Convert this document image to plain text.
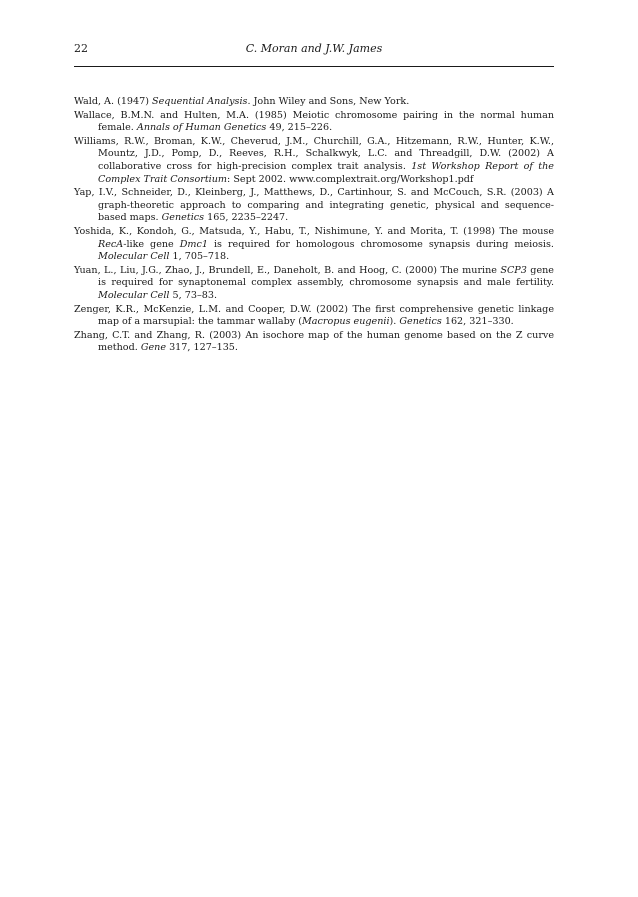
22	C. Moran and J.W. James
Wald, A. (1947) Sequential Analysis. John Wiley and Sons, New York.
Wallace, B.M.N. and Hulten, M.A. (1985) Meiotic chromosome pairing in the normal human female. Annals of Human Genetics 49, 215–226.
Williams, R.W., Broman, K.W., Cheverud, J.M., Churchill, G.A., Hitzemann, R.W., Hunter, K.W., Mountz, J.D., Pomp, D., Reeves, R.H., Schalkwyk, L.C. and Threadgill, D.W. (2002) A collaborative cross for high-precision complex trait analysis. 1st Workshop Report of the Complex Trait Consortium: Sept 2002. www.complextrait.org/Workshop1.pdf
Yap, I.V., Schneider, D., Kleinberg, J., Matthews, D., Cartinhour, S. and McCouch, S.R. (2003) A graph-theoretic approach to comparing and integrating genetic, physical and sequence-based maps. Genetics 165, 2235–2247.
Yoshida, K., Kondoh, G., Matsuda, Y., Habu, T., Nishimune, Y. and Morita, T. (1998) The mouse RecA-like gene Dmc1 is required for homologous chromosome synapsis during meiosis. Molecular Cell 1, 705–718.
Yuan, L., Liu, J.G., Zhao, J., Brundell, E., Daneholt, B. and Hoog, C. (2000) The murine SCP3 gene is required for synaptonemal complex assembly, chromosome synapsis and male fertility. Molecular Cell 5, 73–83.
Zenger, K.R., McKenzie, L.M. and Cooper, D.W. (2002) The first comprehensive genetic linkage map of a marsupial: the tammar wallaby (Macropus eugenii). Genetics 162, 321–330.
Zhang, C.T. and Zhang, R. (2003) An isochore map of the human genome based on the Z curve method. Gene 317, 127–135.
